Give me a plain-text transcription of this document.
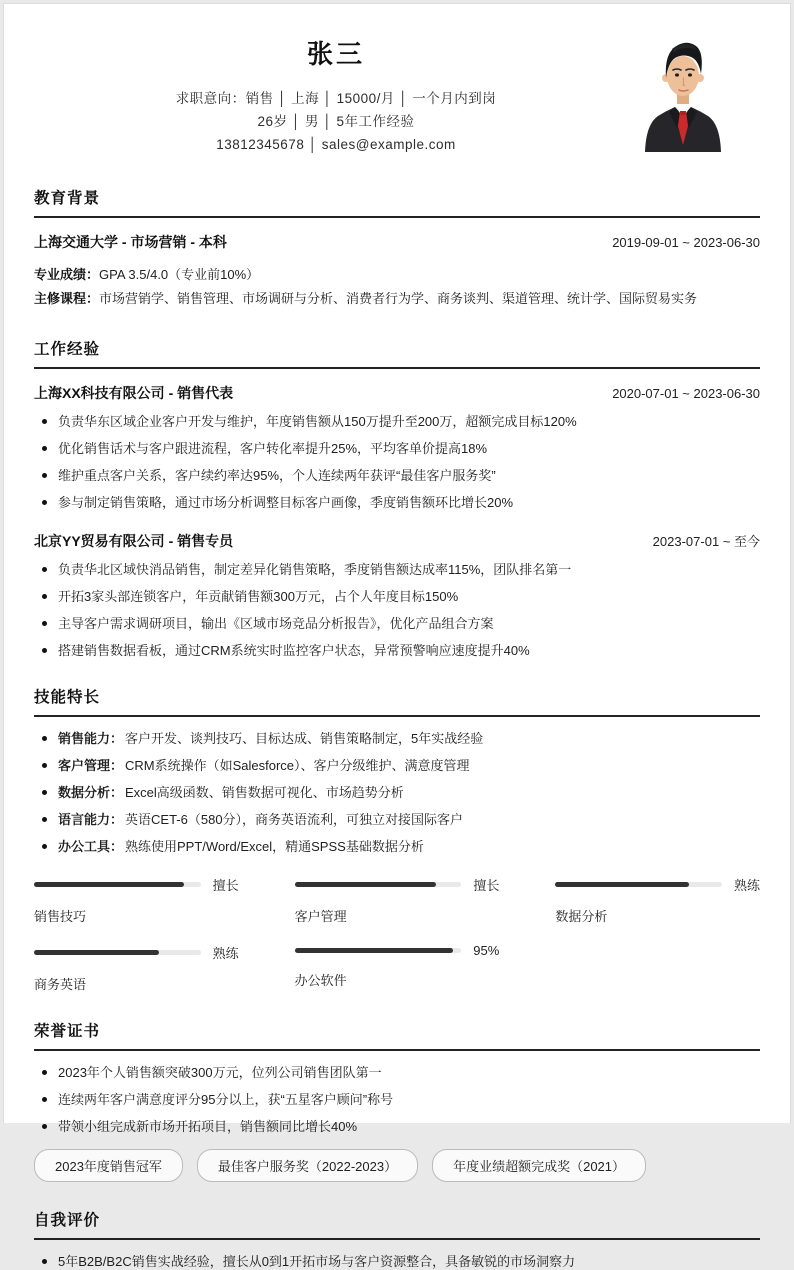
张三
求职意向：销售 │ 上海 │ 15000/月 │ 一个月内到岗
26岁 │ 男 │ 5年工作经验
13812345678 │ sales@example.com
教育背景
上海交通大学 - 市场营销 - 本科	2019-09-01 ~ 2023-06-30
专业成绩：GPA 3.5/4.0（专业前10%）
主修课程：市场营销学、销售管理、市场调研与分析、消费者行为学、商务谈判、渠道管理、统计学、国际贸易实务
工作经验
上海XX科技有限公司 - 销售代表	2020-07-01 ~ 2023-06-30
负责华东区域企业客户开发与维护，年度销售额从150万提升至200万，超额完成目标120%
优化销售话术与客户跟进流程，客户转化率提升25%，平均客单价提高18%
维护重点客户关系，客户续约率达95%，个人连续两年获评“最佳客户服务奖”
参与制定销售策略，通过市场分析调整目标客户画像，季度销售额环比增长20%
北京YY贸易有限公司 - 销售专员	2023-07-01 ~ 至今
负责华北区域快消品销售，制定差异化销售策略，季度销售额达成率115%，团队排名第一
开拓3家头部连锁客户，年贡献销售额300万元，占个人年度目标150%
主导客户需求调研项目，输出《区域市场竞品分析报告》，优化产品组合方案
搭建销售数据看板，通过CRM系统实时监控客户状态，异常预警响应速度提升40%
技能特长
销售能力： 客户开发、谈判技巧、目标达成、销售策略制定，5年实战经验
客户管理： CRM系统操作（如Salesforce）、客户分级维护、满意度管理
数据分析： Excel高级函数、销售数据可视化、市场趋势分析
语言能力： 英语CET-6（580分），商务英语流利，可独立对接国际客户
办公工具： 熟练使用PPT/Word/Excel，精通SPSS基础数据分析
擅长
销售技巧
擅长
客户管理
熟练
数据分析
熟练
商务英语
95%
办公软件
荣誉证书
2023年个人销售额突破300万元，位列公司销售团队第一
连续两年客户满意度评分95分以上，获“五星客户顾问”称号
带领小组完成新市场开拓项目，销售额同比增长40%
2023年度销售冠军	最佳客户服务奖（2022-2023）	年度业绩超额完成奖（2021）
自我评价
5年B2B/B2C销售实战经验，擅长从0到1开拓市场与客户资源整合，具备敏锐的市场洞察力
